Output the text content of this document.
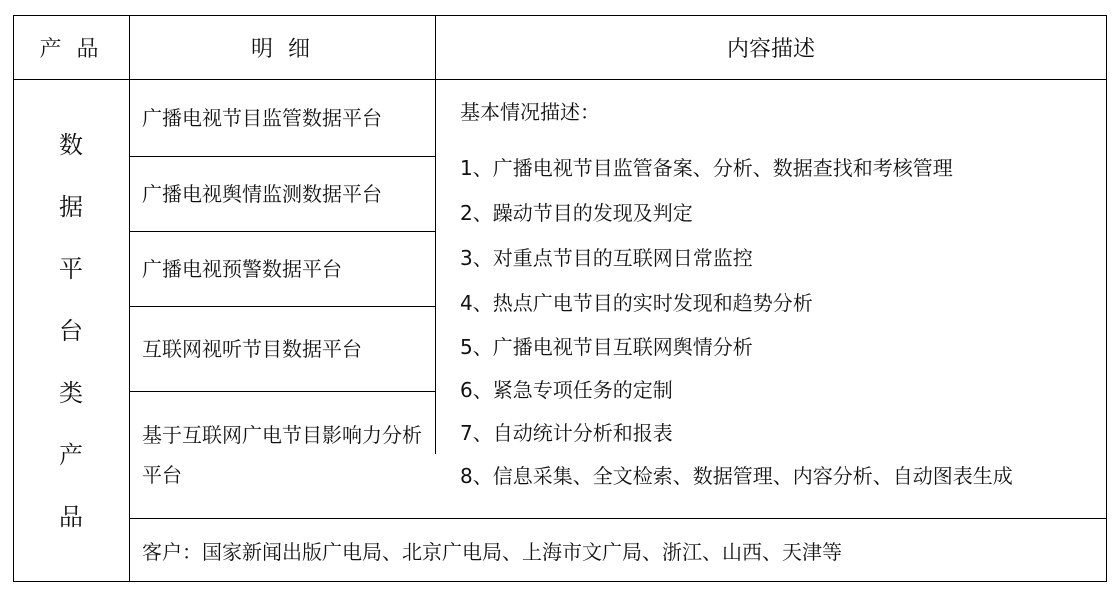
产 品	明 细	内容描述
数
据
平
台
类
产
品
广播电视节目监管数据平台
广播电视舆情监测数据平台
广播电视预警数据平台
互联网视听节目数据平台
基于互联网广电节目影响力分析平台
客户：国家新闻出版广电局、北京广电局、上海市文广局、浙江、山西、天津等
基本情况描述：
1、广播电视节目监管备案、分析、数据查找和考核管理
2、躁动节目的发现及判定
3、对重点节目的互联网日常监控
4、热点广电节目的实时发现和趋势分析
5、广播电视节目互联网舆情分析
6、紧急专项任务的定制
7、自动统计分析和报表
8、信息采集、全文检索、数据管理、内容分析、自动图表生成
